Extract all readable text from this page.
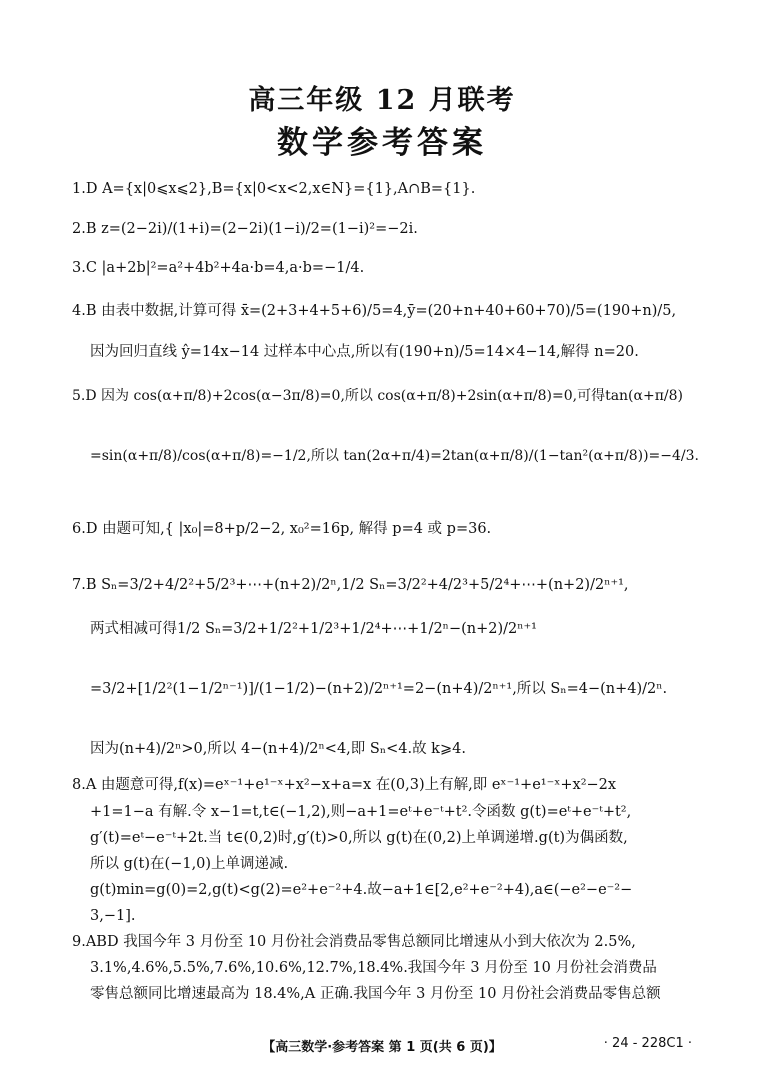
高三年级 12 月联考
数学参考答案
1.D A={x|0⩽x⩽2},B={x|0<x<2,x∈N}={1},A∩B={1}.
2.B z=(2−2i)/(1+i)=(2−2i)(1−i)/2=(1−i)²=−2i.
3.C |a+2b|²=a²+4b²+4a·b=4,a·b=−1/4.
4.B 由表中数据,计算可得 x̄=(2+3+4+5+6)/5=4,ȳ=(20+n+40+60+70)/5=(190+n)/5,
因为回归直线 ŷ=14x−14 过样本中心点,所以有(190+n)/5=14×4−14,解得 n=20.
5.D 因为 cos(α+π/8)+2cos(α−3π/8)=0,所以 cos(α+π/8)+2sin(α+π/8)=0,可得tan(α+π/8)
=sin(α+π/8)/cos(α+π/8)=−1/2,所以 tan(2α+π/4)=2tan(α+π/8)/(1−tan²(α+π/8))=−4/3.
6.D 由题可知,{ |x₀|=8+p/2−2, x₀²=16p, 解得 p=4 或 p=36.
7.B Sₙ=3/2+4/2²+5/2³+⋯+(n+2)/2ⁿ,1/2 Sₙ=3/2²+4/2³+5/2⁴+⋯+(n+2)/2ⁿ⁺¹,
两式相减可得1/2 Sₙ=3/2+1/2²+1/2³+1/2⁴+⋯+1/2ⁿ−(n+2)/2ⁿ⁺¹
=3/2+[1/2²(1−1/2ⁿ⁻¹)]/(1−1/2)−(n+2)/2ⁿ⁺¹=2−(n+4)/2ⁿ⁺¹,所以 Sₙ=4−(n+4)/2ⁿ.
因为(n+4)/2ⁿ>0,所以 4−(n+4)/2ⁿ<4,即 Sₙ<4.故 k⩾4.
8.A 由题意可得,f(x)=eˣ⁻¹+e¹⁻ˣ+x²−x+a=x 在(0,3)上有解,即 eˣ⁻¹+e¹⁻ˣ+x²−2x
+1=1−a 有解.令 x−1=t,t∈(−1,2),则−a+1=eᵗ+e⁻ᵗ+t².令函数 g(t)=eᵗ+e⁻ᵗ+t²,
g′(t)=eᵗ−e⁻ᵗ+2t.当 t∈(0,2)时,g′(t)>0,所以 g(t)在(0,2)上单调递增.g(t)为偶函数,
所以 g(t)在(−1,0)上单调递减.
g(t)min=g(0)=2,g(t)<g(2)=e²+e⁻²+4.故−a+1∈[2,e²+e⁻²+4),a∈(−e²−e⁻²−
3,−1].
9.ABD 我国今年 3 月份至 10 月份社会消费品零售总额同比增速从小到大依次为 2.5%,
3.1%,4.6%,5.5%,7.6%,10.6%,12.7%,18.4%.我国今年 3 月份至 10 月份社会消费品
零售总额同比增速最高为 18.4%,A 正确.我国今年 3 月份至 10 月份社会消费品零售总额
【高三数学·参考答案 第 1 页(共 6 页)】	· 24 - 228C1 ·
